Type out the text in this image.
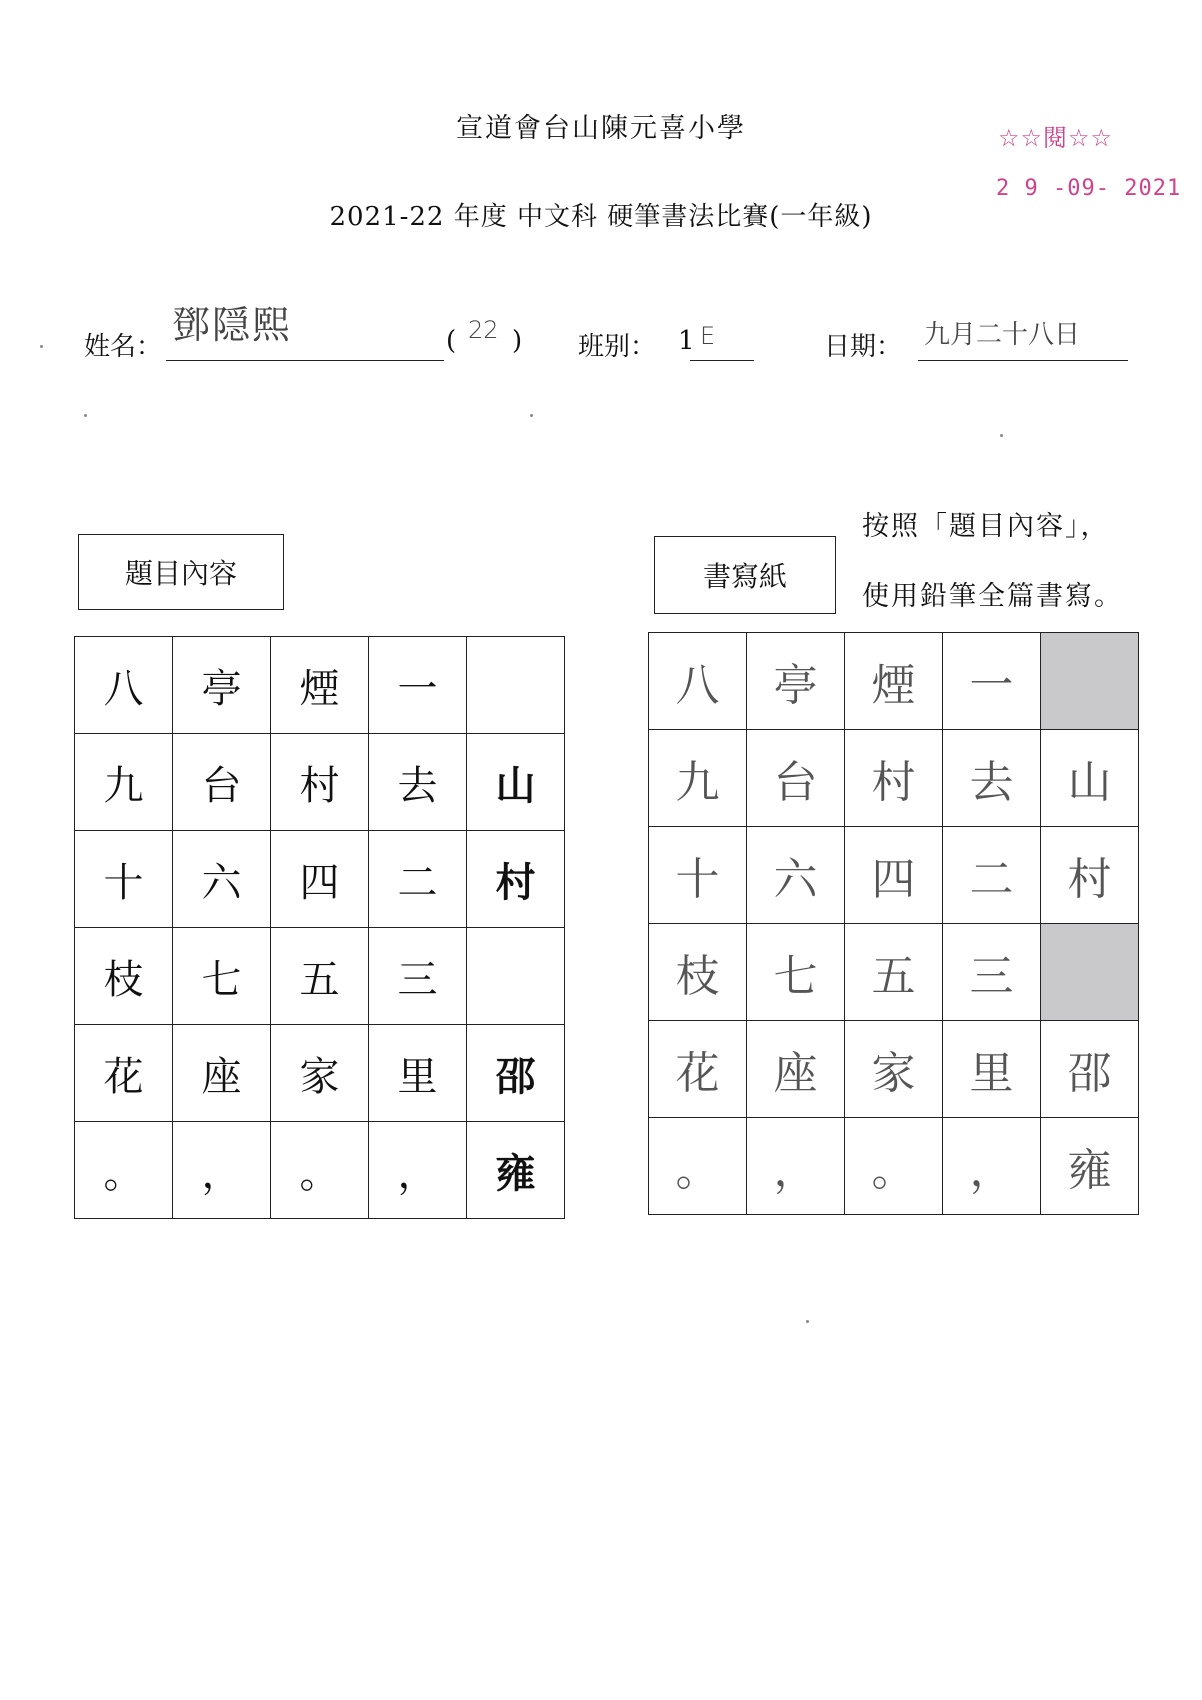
宣道會台山陳元喜小學
2021-22 年度 中文科 硬筆書法比賽(一年級)
☆☆閱☆☆
2 9 -09- 2021
姓名： 鄧隠熙	( 22 ) 班别： 1 E	日期： 九月二十八日
按照「題目內容」，
使用鉛筆全篇書寫。
題目內容	書寫紙
八	亭	煙	一	
九	台	村	去	山
十	六	四	二	村
枝	七	五	三	
花	座	家	里	邵
。	，	。	，	雍
八	亭	煙	一	
九	台	村	去	山
十	六	四	二	村
枝	七	五	三	
花	座	家	里	邵
。	，	。	，	雍
